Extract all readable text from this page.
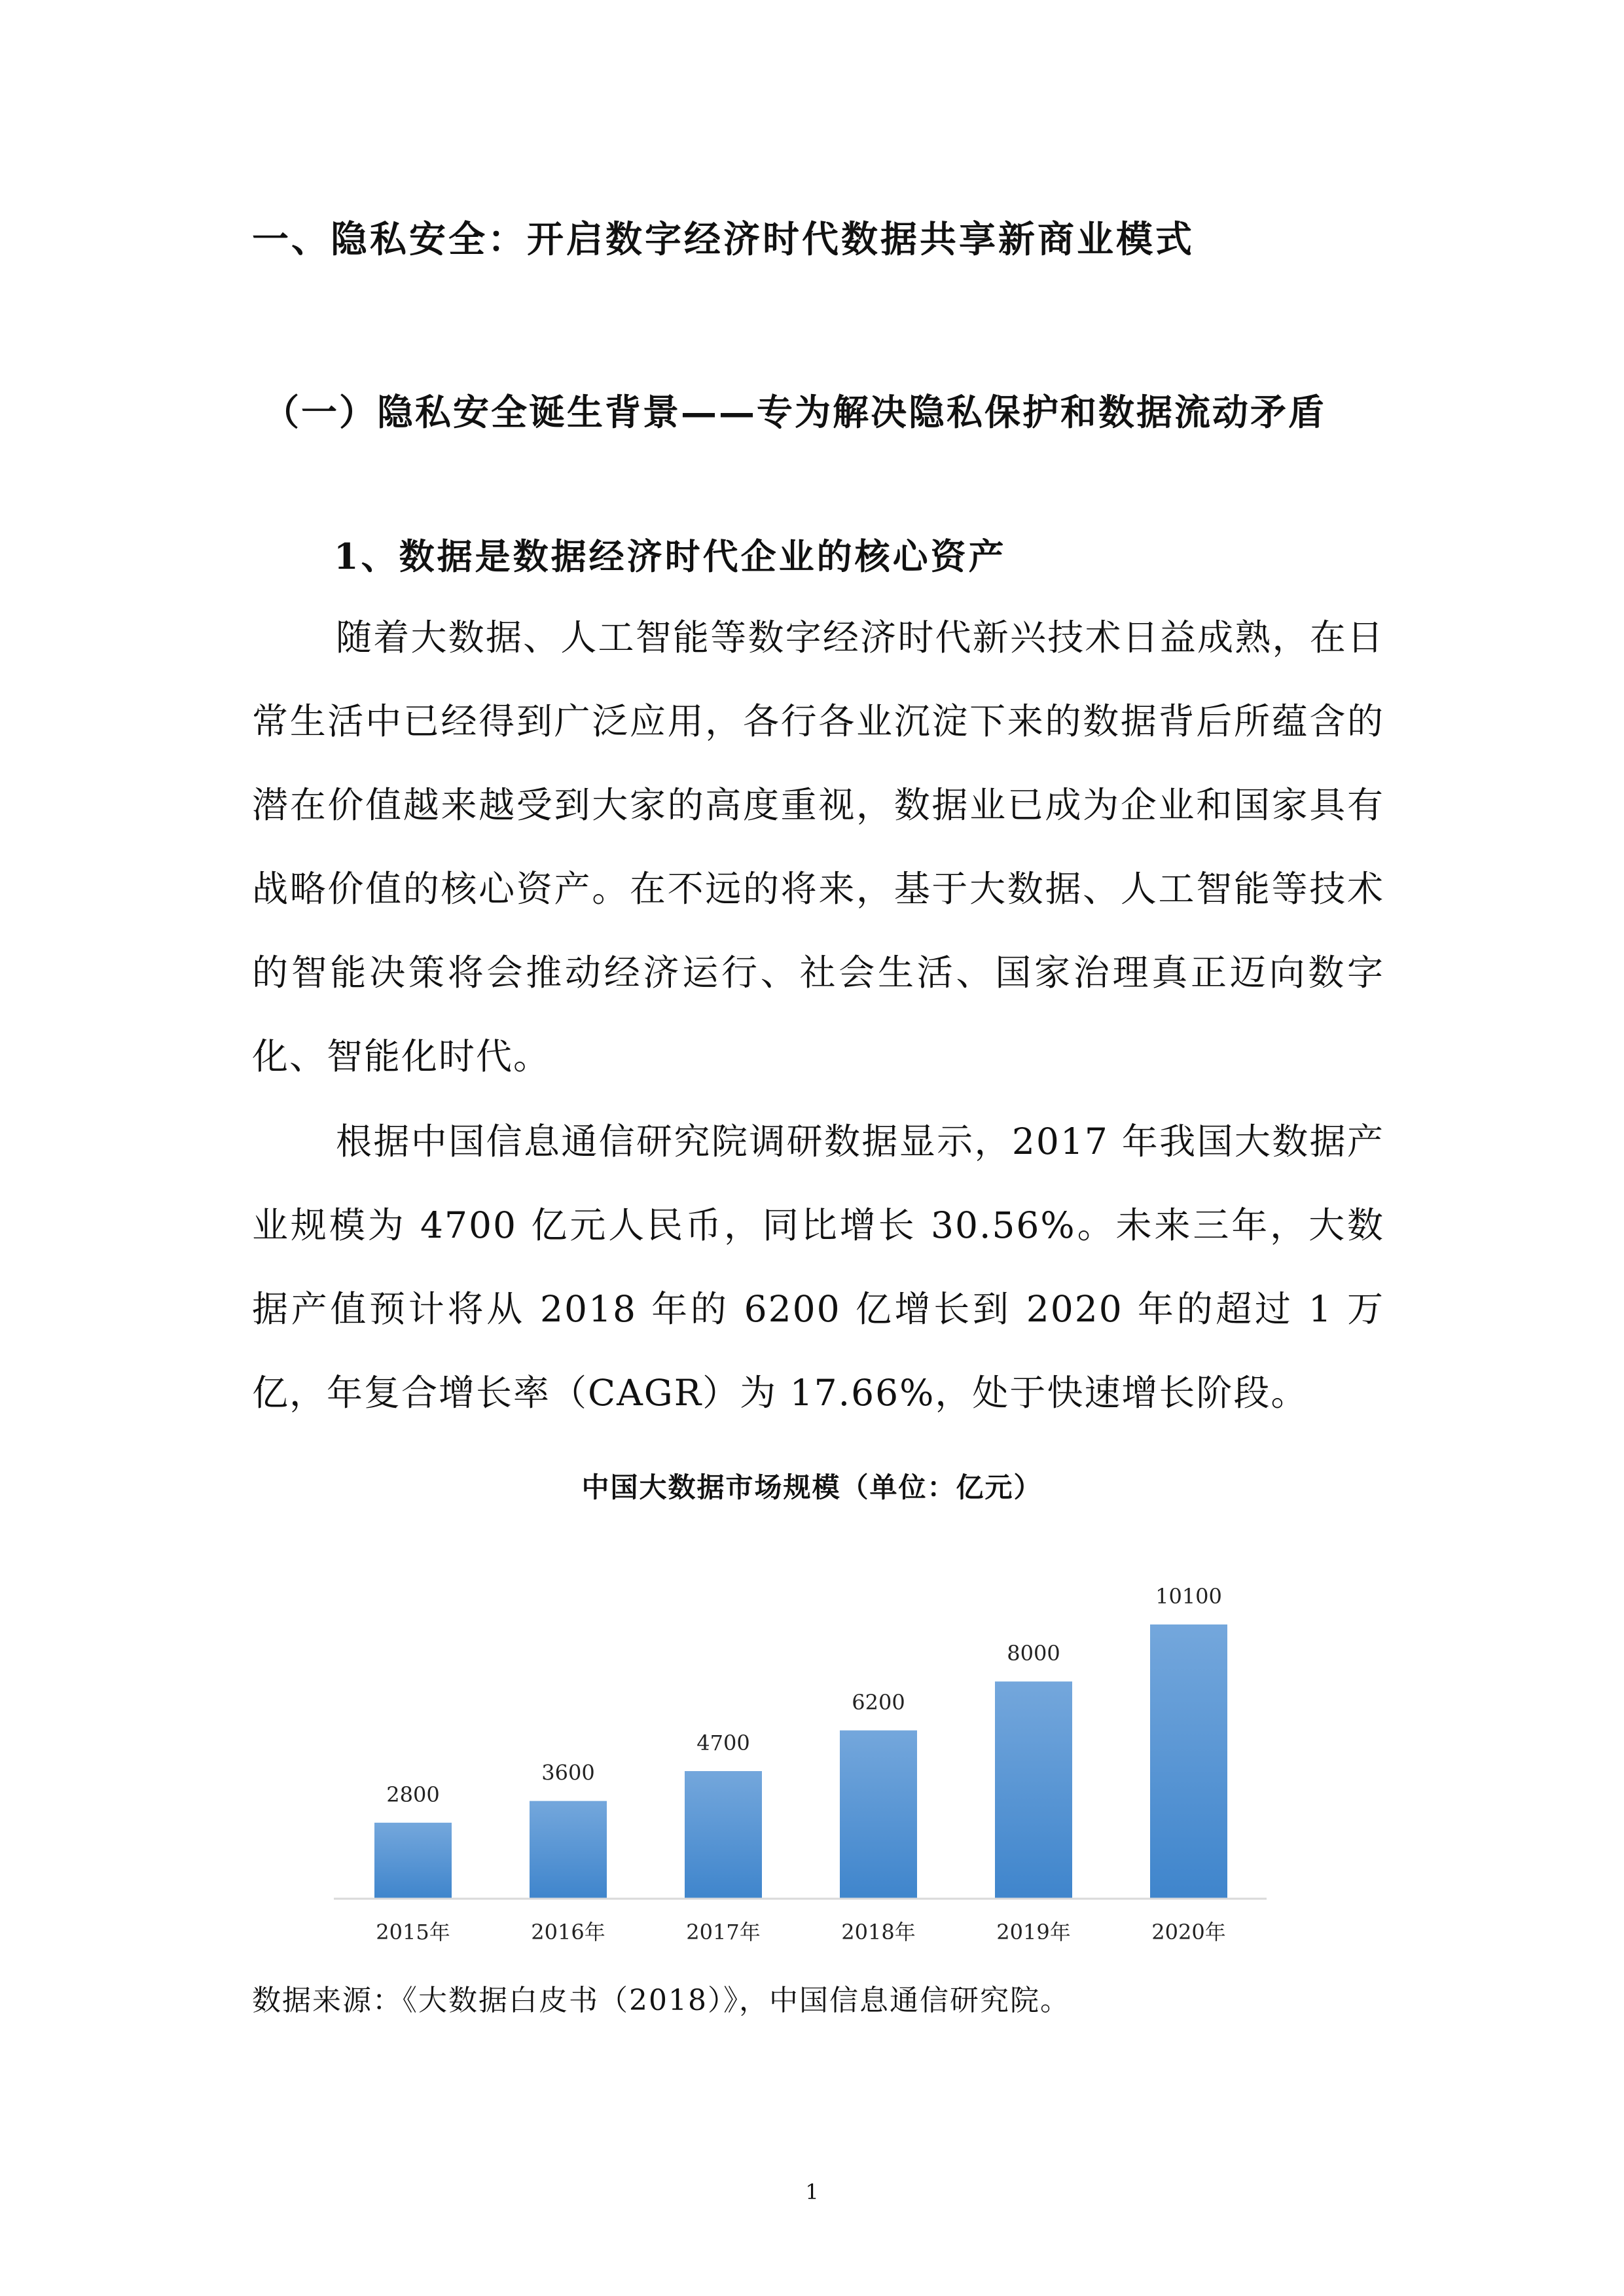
一、隐私安全：开启数字经济时代数据共享新商业模式
（一）隐私安全诞生背景——专为解决隐私保护和数据流动矛盾
1、数据是数据经济时代企业的核心资产

随着大数据、人工智能等数字经济时代新兴技术日益成熟，在日常生活中已经得到广泛应用，各行各业沉淀下来的数据背后所蕴含的潜在价值越来越受到大家的高度重视，数据业已成为企业和国家具有战略价值的核心资产。在不远的将来，基于大数据、人工智能等技术的智能决策将会推动经济运行、社会生活、国家治理真正迈向数字化、智能化时代。

根据中国信息通信研究院调研数据显示，2017 年我国大数据产业规模为 4700 亿元人民币，同比增长 30.56%。未来三年，大数据产值预计将从 2018 年的 6200 亿增长到 2020 年的超过 1 万亿，年复合增长率（CAGR）为 17.66%，处于快速增长阶段。

中国大数据市场规模（单位：亿元）
2800
2015年
3600
2016年
4700
2017年
6200
2018年
8000
2019年
10100
2020年
数据来源：《大数据白皮书（2018）》，中国信息通信研究院。
1
